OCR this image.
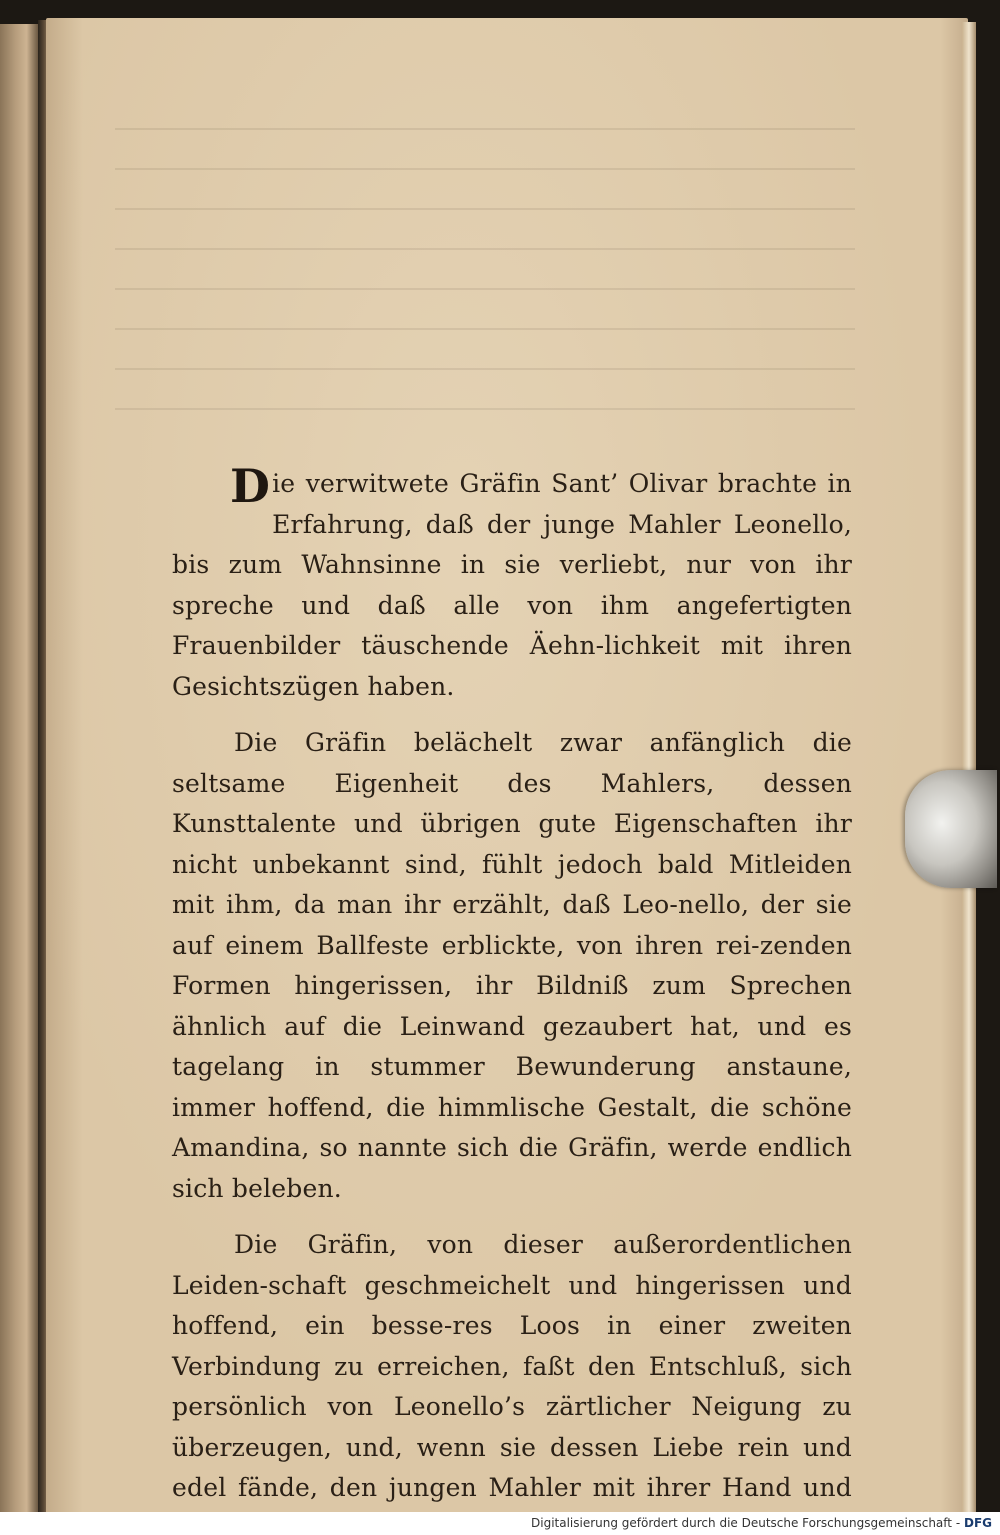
Die verwitwete Gräfin Sant’ Olivar brachte in Erfahrung, daß der junge Mahler Leonello, bis zum Wahnsinne in sie verliebt, nur von ihr spreche und daß alle von ihm angefertigten Frauenbilder täuschende Äehn-lichkeit mit ihren Gesichtszügen haben.

Die Gräfin belächelt zwar anfänglich die seltsame Eigenheit des Mahlers, dessen Kunsttalente und übrigen gute Eigenschaften ihr nicht unbekannt sind, fühlt jedoch bald Mitleiden mit ihm, da man ihr erzählt, daß Leo-nello, der sie auf einem Ballfeste erblickte, von ihren rei-zenden Formen hingerissen, ihr Bildniß zum Sprechen ähnlich auf die Leinwand gezaubert hat, und es tagelang in stummer Bewunderung anstaune, immer hoffend, die himmlische Gestalt, die schöne Amandina, so nannte sich die Gräfin, werde endlich sich beleben.

Die Gräfin, von dieser außerordentlichen Leiden-schaft geschmeichelt und hingerissen und hoffend, ein besse-res Loos in einer zweiten Verbindung zu erreichen, faßt den Entschluß, sich persönlich von Leonello’s zärtlicher Neigung zu überzeugen, und, wenn sie dessen Liebe rein und edel fände, den jungen Mahler mit ihrer Hand und

Digitalisierung gefördert durch die Deutsche Forschungsgemeinschaft - DFG
